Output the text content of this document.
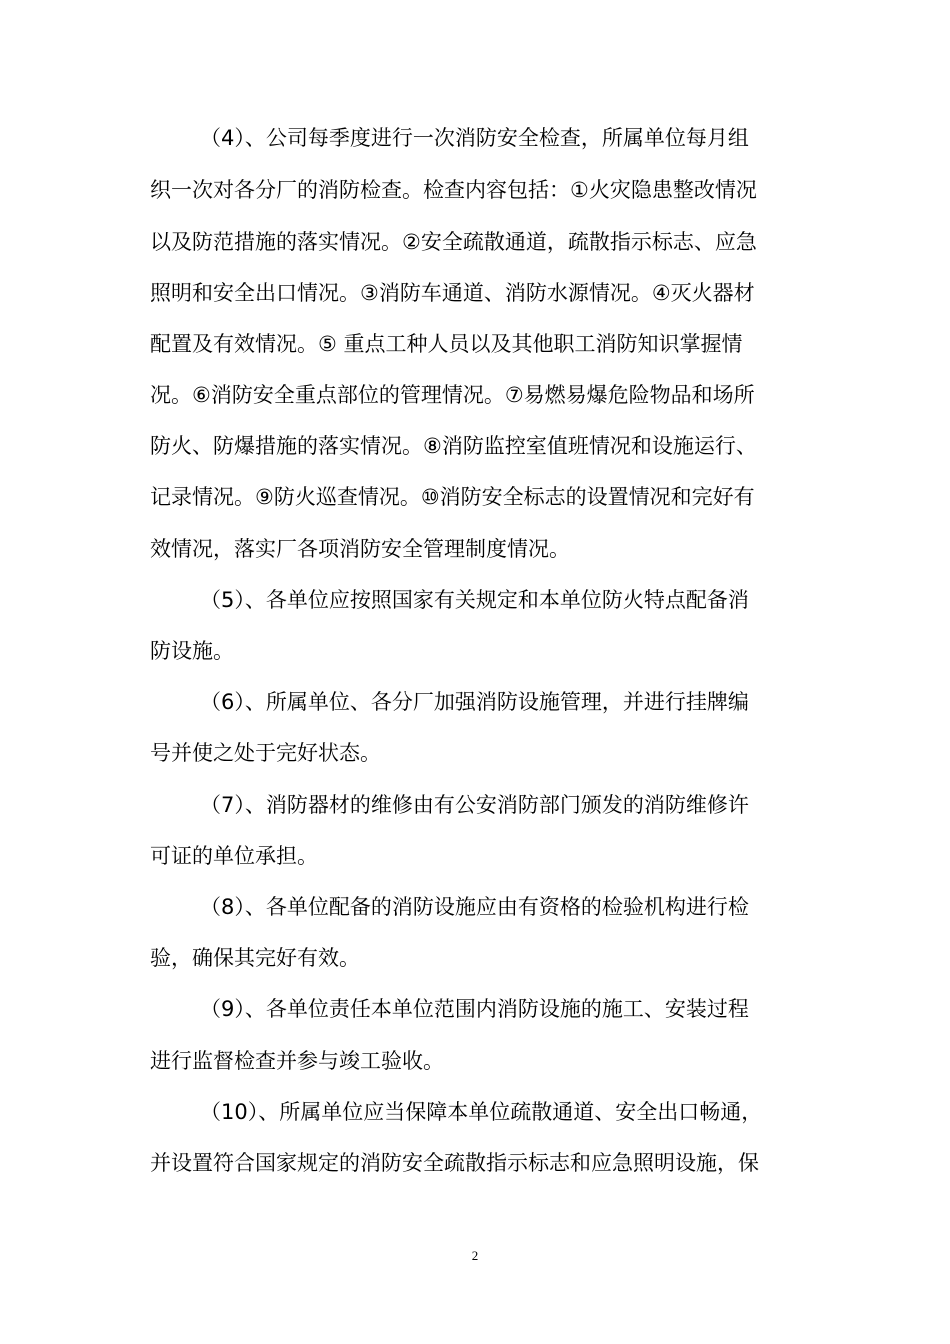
（4）、公司每季度进行一次消防安全检查，所属单位每月组
织一次对各分厂的消防检查。检查内容包括：①火灾隐患整改情况
以及防范措施的落实情况。②安全疏散通道，疏散指示标志、应急
照明和安全出口情况。③消防车通道、消防水源情况。④灭火器材
配置及有效情况。⑤ 重点工种人员以及其他职工消防知识掌握情
况。⑥消防安全重点部位的管理情况。⑦易燃易爆危险物品和场所
防火、防爆措施的落实情况。⑧消防监控室值班情况和设施运行、
记录情况。⑨防火巡查情况。⑩消防安全标志的设置情况和完好有
效情况，落实厂各项消防安全管理制度情况。
（5）、各单位应按照国家有关规定和本单位防火特点配备消
防设施。
（6）、所属单位、各分厂加强消防设施管理，并进行挂牌编
号并使之处于完好状态。
（7）、消防器材的维修由有公安消防部门颁发的消防维修许
可证的单位承担。
（8）、各单位配备的消防设施应由有资格的检验机构进行检
验，确保其完好有效。
（9）、各单位责任本单位范围内消防设施的施工、安装过程
进行监督检查并参与竣工验收。
（10）、所属单位应当保障本单位疏散通道、安全出口畅通，
并设置符合国家规定的消防安全疏散指示标志和应急照明设施，保
2
